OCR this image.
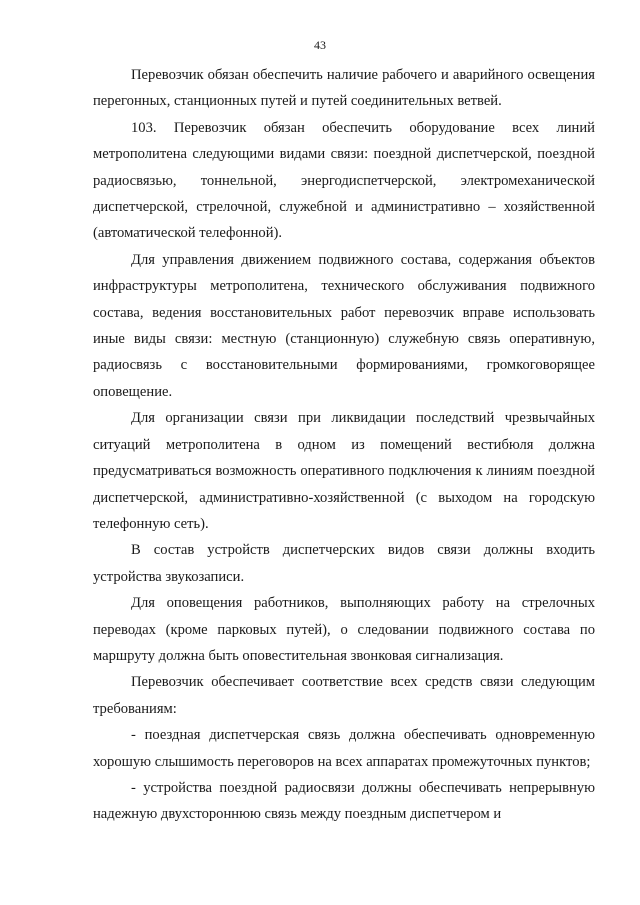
43

Перевозчик обязан обеспечить наличие рабочего и аварийного освещения перегонных, станционных путей и путей соединительных ветвей.

103. Перевозчик обязан обеспечить оборудование всех линий метрополитена следующими видами связи: поездной диспетчерской, поездной радиосвязью, тоннельной, энергодиспетчерской, электромеханической диспетчерской, стрелочной, служебной и административно – хозяйственной (автоматической телефонной).

Для управления движением подвижного состава, содержания объектов инфраструктуры метрополитена, технического обслуживания подвижного состава, ведения восстановительных работ перевозчик вправе использовать иные виды связи: местную (станционную) служебную связь оперативную, радиосвязь с восстановительными формированиями, громкоговорящее оповещение.

Для организации связи при ликвидации последствий чрезвычайных ситуаций метрополитена в одном из помещений вестибюля должна предусматриваться возможность оперативного подключения к линиям поездной диспетчерской, административно-хозяйственной (с выходом на городскую телефонную сеть).

В состав устройств диспетчерских видов связи должны входить устройства звукозаписи.

Для оповещения работников, выполняющих работу на стрелочных переводах (кроме парковых путей), о следовании подвижного состава по маршруту должна быть оповестительная звонковая сигнализация.

Перевозчик обеспечивает соответствие всех средств связи следующим требованиям:

- поездная диспетчерская связь должна обеспечивать одновременную хорошую слышимость переговоров на всех аппаратах промежуточных пунктов;

- устройства поездной радиосвязи должны обеспечивать непрерывную надежную двухстороннюю связь между поездным диспетчером и
